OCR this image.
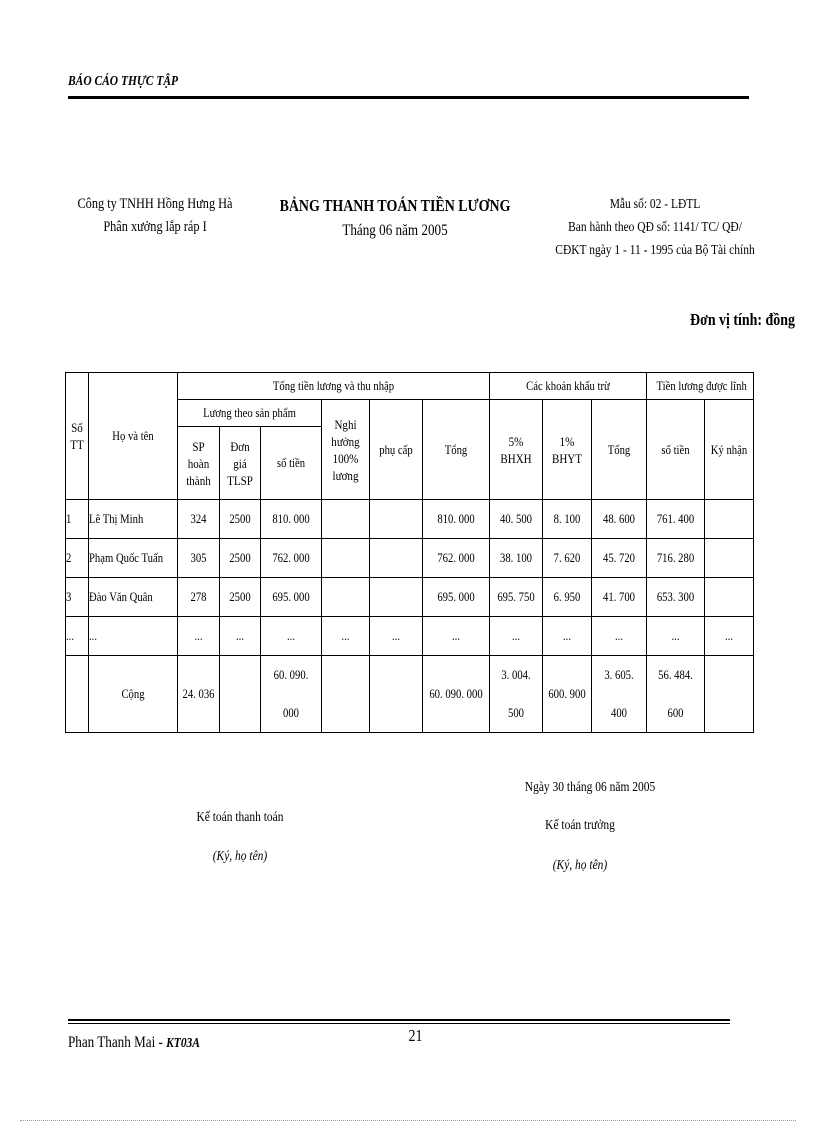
BÁO CÁO THỰC TẬP
Công ty TNHH Hồng Hưng Hà
Phân xưởng lắp ráp I
BẢNG THANH TOÁN TIỀN LƯƠNG
Tháng 06 năm 2005
Mẫu số: 02 - LĐTL
Ban hành theo QĐ số: 1141/ TC/ QĐ/
CĐKT ngày 1 - 11 - 1995 của Bộ Tài chính
Đơn vị tính: đồng
Số TT	Họ và tên	Tổng tiền lương và thu nhập						Các khoản khấu trừ			Tiền lương được lĩnh	

		Lương theo sản phẩm			Nghỉ hưởng 100% lương	phụ cấp	Tổng	5% BHXH	1% BHYT	Tổng	số tiền	Ký nhận

		SP hoàn thành	Đơn giá TLSP	số tiền								

1	Lê Thị Minh	324	2500	810. 000			810. 000	40. 500	8. 100	48. 600	761. 400	

2	Phạm Quốc Tuấn	305	2500	762. 000			762. 000	38. 100	7. 620	45. 720	716. 280	

3	Đào Văn Quân	278	2500	695. 000			695. 000	695. 750	6. 950	41. 700	653. 300	

...	...	...	...	...	...	...	...	...	...	...	...	...

	Cộng	24. 036		60. 090. 000			60. 090. 000	3. 004. 500	600. 900	3. 605. 400	56. 484. 600	

Ngày 30 tháng 06 năm 2005
Kế toán thanh toán
(Ký, họ tên)
Kế toán trưởng
(Ký, họ tên)
Phan Thanh Mai - KT03A	21
